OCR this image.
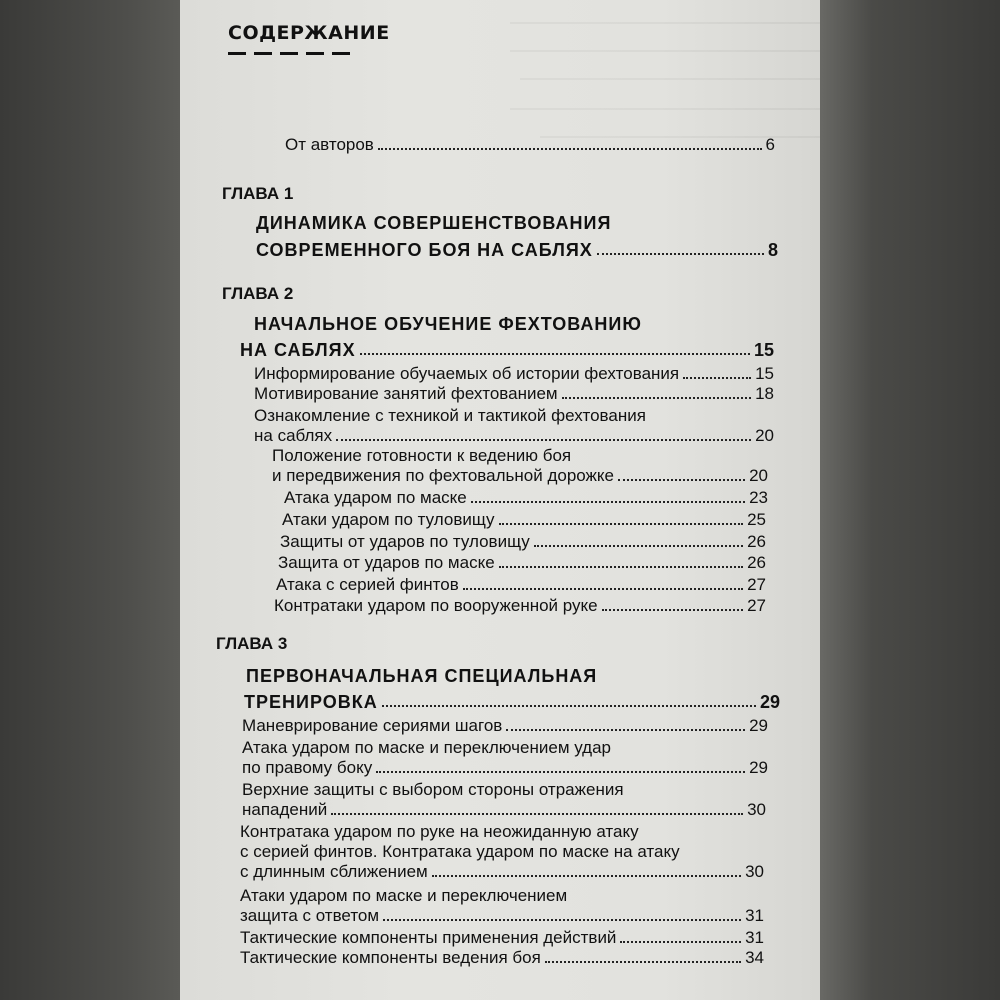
СОДЕРЖАНИЕ
От авторов	6
ГЛАВА 1
ДИНАМИКА СОВЕРШЕНСТВОВАНИЯ
СОВРЕМЕННОГО БОЯ НА САБЛЯХ	8
ГЛАВА 2
НАЧАЛЬНОЕ ОБУЧЕНИЕ ФЕХТОВАНИЮ
НА САБЛЯХ	15
Информирование обучаемых об истории фехтования	15
Мотивирование занятий фехтованием	18
Ознакомление с техникой и тактикой фехтования
на саблях	20
Положение готовности к ведению боя
и передвижения по фехтовальной дорожке	20
Атака ударом по маске	23
Атаки ударом по туловищу	25
Защиты от ударов по туловищу	26
Защита от ударов по маске	26
Атака с серией финтов	27
Контратаки ударом по вооруженной руке	27
ГЛАВА 3
ПЕРВОНАЧАЛЬНАЯ СПЕЦИАЛЬНАЯ
ТРЕНИРОВКА	29
Маневрирование сериями шагов	29
Атака ударом по маске и переключением удар
по правому боку	29
Верхние защиты с выбором стороны отражения
нападений	30
Контратака ударом по руке на неожиданную атаку
с серией финтов. Контратака ударом по маске на атаку
с длинным сближением	30
Атаки ударом по маске и переключением
защита с ответом	31
Тактические компоненты применения действий	31
Тактические компоненты ведения боя	34
